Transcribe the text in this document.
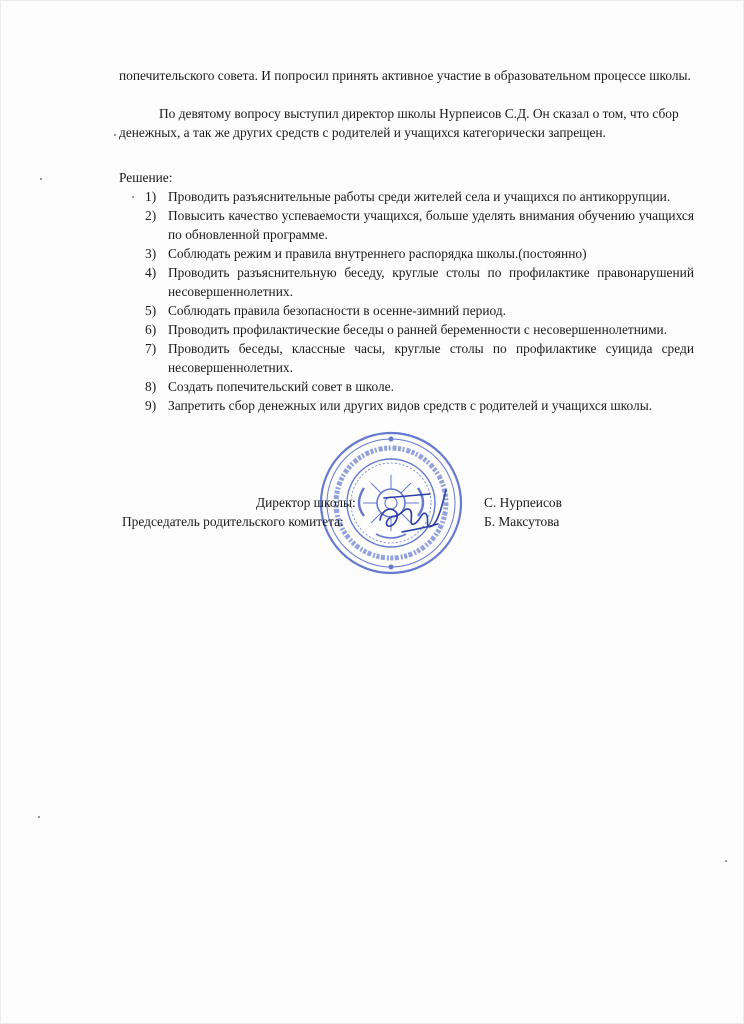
попечительского совета. И попросил принять активное участие в образовательном процессе школы.

По девятому вопросу выступил директор школы Нурпеисов С.Д. Он сказал о том, что сбор денежных, а так же других средств с родителей и учащихся категорически запрещен.

Решение:

1) Проводить разъяснительные работы среди жителей села и учащихся по антикоррупции.
2) Повысить качество успеваемости учащихся, больше уделять внимания обучению учащихся по обновленной программе.
3) Соблюдать режим и правила внутреннего распорядка школы.(постоянно)
4) Проводить разъяснительную беседу, круглые столы по профилактике правонарушений несовершеннолетних.
5) Соблюдать правила безопасности в осенне-зимний период.
6) Проводить профилактические беседы о ранней беременности с несовершеннолетними.
7) Проводить беседы, классные часы, круглые столы по профилактике суицида среди несовершеннолетних.
8) Создать попечительский совет в школе.
9) Запретить сбор денежных или других видов средств с родителей и учащихся школы.
Директор школы:	С. Нурпеисов
Председатель родительского комитета:	Б. Максутова
